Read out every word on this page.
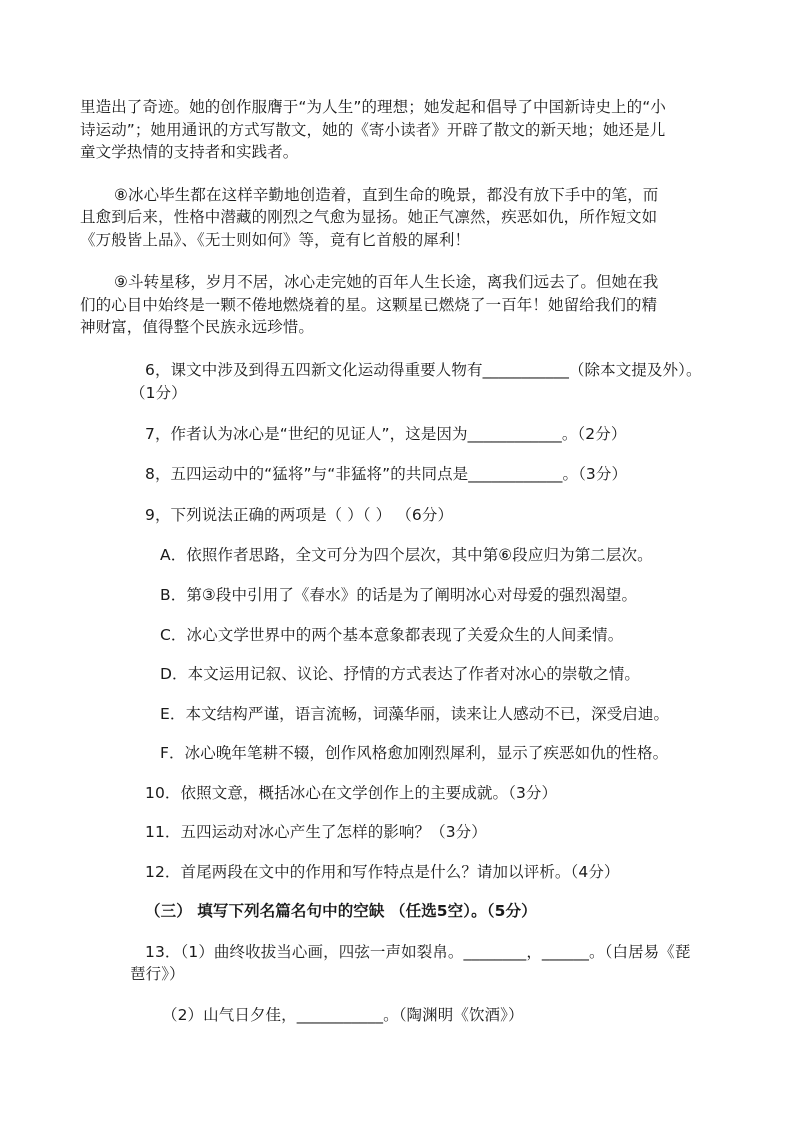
里造出了奇迹。她的创作服膺于“为人生”的理想；她发起和倡导了中国新诗史上的“小
诗运动”；她用通讯的方式写散文，她的《寄小读者》开辟了散文的新天地；她还是儿
童文学热情的支持者和实践者。
⑧冰心毕生都在这样辛勤地创造着，直到生命的晚景，都没有放下手中的笔，而
且愈到后来，性格中潜藏的刚烈之气愈为显扬。她正气凛然，疾恶如仇，所作短文如
《万般皆上品》、《无士则如何》等，竟有匕首般的犀利！
⑨斗转星移，岁月不居，冰心走完她的百年人生长途，离我们远去了。但她在我
们的心目中始终是一颗不倦地燃烧着的星。这颗星已燃烧了一百年！她留给我们的精
神财富，值得整个民族永远珍惜。
6，课文中涉及到得五四新文化运动得重要人物有___________（除本文提及外）。
（1分）
7，作者认为冰心是“世纪的见证人”，这是因为____________。（2分）
8，五四运动中的“猛将”与“非猛将”的共同点是____________。（3分）
9，下列说法正确的两项是（ ）（ ） （6分）
A．依照作者思路，全文可分为四个层次，其中第⑥段应归为第二层次。
B．第③段中引用了《春水》的话是为了阐明冰心对母爱的强烈渴望。
C．冰心文学世界中的两个基本意象都表现了关爱众生的人间柔情。
D．本文运用记叙、议论、抒情的方式表达了作者对冰心的崇敬之情。
E．本文结构严谨，语言流畅，词藻华丽，读来让人感动不已，深受启迪。
F．冰心晚年笔耕不辍，创作风格愈加刚烈犀利，显示了疾恶如仇的性格。
10．依照文意，概括冰心在文学创作上的主要成就。（3分）
11．五四运动对冰心产生了怎样的影响？（3分）
12．首尾两段在文中的作用和写作特点是什么？请加以评析。（4分）
（三） 填写下列名篇名句中的空缺 （任选5空）。（5分）
13．（1）曲终收拔当心画，四弦一声如裂帛。________，______。（白居易《琵
琶行》）
（2）山气日夕佳，___________。（陶渊明《饮酒》）
